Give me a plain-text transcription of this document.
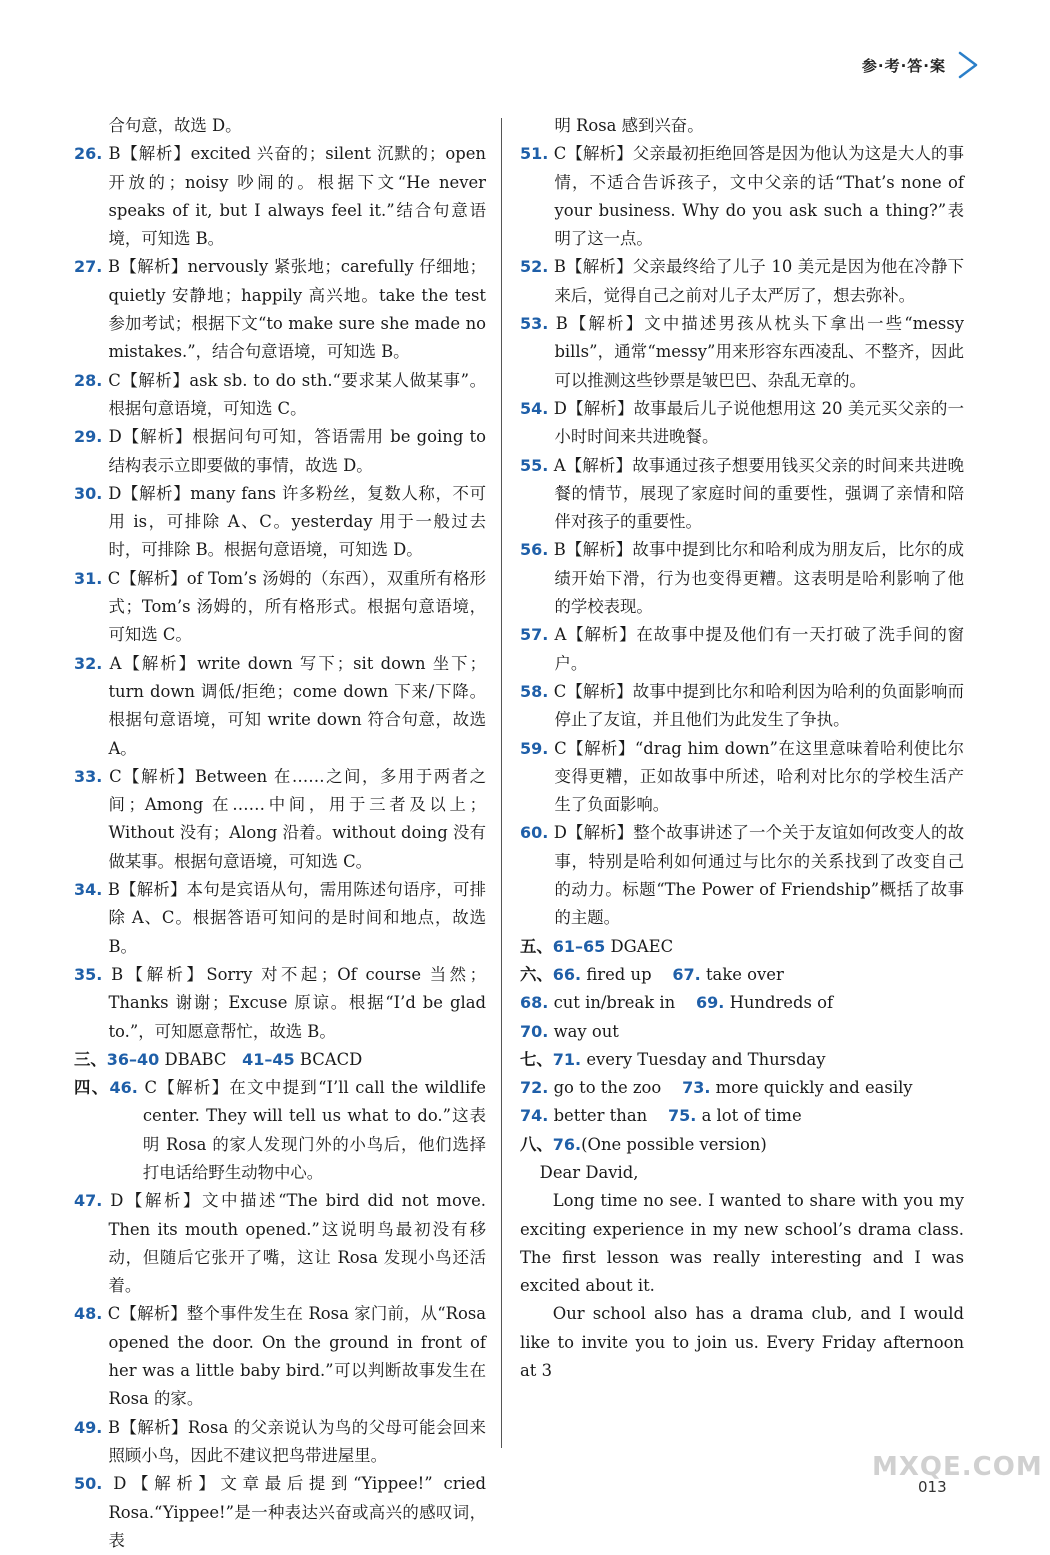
参·考·答·案
合句意，故选 D。
26. B【解析】excited 兴奋的；silent 沉默的；open 开放的；noisy 吵闹的。根据下文“He never speaks of it, but I always feel it.”结合句意语境，可知选 B。
27. B【解析】nervously 紧张地；carefully 仔细地；quietly 安静地；happily 高兴地。take the test 参加考试；根据下文“to make sure she made no mistakes.”，结合句意语境，可知选 B。
28. C【解析】ask sb. to do sth.“要求某人做某事”。根据句意语境，可知选 C。
29. D【解析】根据问句可知，答语需用 be going to 结构表示立即要做的事情，故选 D。
30. D【解析】many fans 许多粉丝，复数人称，不可用 is，可排除 A、C。yesterday 用于一般过去时，可排除 B。根据句意语境，可知选 D。
31. C【解析】of Tom’s 汤姆的（东西），双重所有格形式；Tom’s 汤姆的，所有格形式。根据句意语境，可知选 C。
32. A【解析】write down 写下；sit down 坐下；turn down 调低/拒绝；come down 下来/下降。根据句意语境，可知 write down 符合句意，故选 A。
33. C【解析】Between 在……之间，多用于两者之间；Among 在……中间，用于三者及以上；Without 没有；Along 沿着。without doing 没有做某事。根据句意语境，可知选 C。
34. B【解析】本句是宾语从句，需用陈述句语序，可排除 A、C。根据答语可知问的是时间和地点，故选 B。
35. B【解析】Sorry 对不起；Of course 当然；Thanks 谢谢；Excuse 原谅。根据“I’d be glad to.”，可知愿意帮忙，故选 B。
三、36–40 DBABC 41–45 BCACD
四、46. C【解析】在文中提到“I’ll call the wildlife center. They will tell us what to do.”这表明 Rosa 的家人发现门外的小鸟后，他们选择打电话给野生动物中心。
47. D【解析】文中描述“The bird did not move. Then its mouth opened.”这说明鸟最初没有移动，但随后它张开了嘴，这让 Rosa 发现小鸟还活着。
48. C【解析】整个事件发生在 Rosa 家门前，从“Rosa opened the door. On the ground in front of her was a little baby bird.”可以判断故事发生在 Rosa 的家。
49. B【解析】Rosa 的父亲说认为鸟的父母可能会回来照顾小鸟，因此不建议把鸟带进屋里。
50. D【解析】文章最后提到“Yippee!” cried Rosa.“Yippee!”是一种表达兴奋或高兴的感叹词，表
明 Rosa 感到兴奋。
51. C【解析】父亲最初拒绝回答是因为他认为这是大人的事情，不适合告诉孩子，文中父亲的话“That’s none of your business. Why do you ask such a thing?”表明了这一点。
52. B【解析】父亲最终给了儿子 10 美元是因为他在冷静下来后，觉得自己之前对儿子太严厉了，想去弥补。
53. B【解析】文中描述男孩从枕头下拿出一些“messy bills”，通常“messy”用来形容东西凌乱、不整齐，因此可以推测这些钞票是皱巴巴、杂乱无章的。
54. D【解析】故事最后儿子说他想用这 20 美元买父亲的一小时时间来共进晚餐。
55. A【解析】故事通过孩子想要用钱买父亲的时间来共进晚餐的情节，展现了家庭时间的重要性，强调了亲情和陪伴对孩子的重要性。
56. B【解析】故事中提到比尔和哈利成为朋友后，比尔的成绩开始下滑，行为也变得更糟。这表明是哈利影响了他的学校表现。
57. A【解析】在故事中提及他们有一天打破了洗手间的窗户。
58. C【解析】故事中提到比尔和哈利因为哈利的负面影响而停止了友谊，并且他们为此发生了争执。
59. C【解析】“drag him down”在这里意味着哈利使比尔变得更糟，正如故事中所述，哈利对比尔的学校生活产生了负面影响。
60. D【解析】整个故事讲述了一个关于友谊如何改变人的故事，特别是哈利如何通过与比尔的关系找到了改变自己的动力。标题“The Power of Friendship”概括了故事的主题。
五、61–65 DGAEC
六、66. fired up 67. take over
68. cut in/break in 69. Hundreds of
70. way out
七、71. every Tuesday and Thursday
72. go to the zoo 73. more quickly and easily
74. better than 75. a lot of time
八、76.(One possible version)
Dear David,
Long time no see. I wanted to share with you my exciting experience in my new school’s drama class. The first lesson was really interesting and I was excited about it.
Our school also has a drama club, and I would like to invite you to join us. Every Friday afternoon at 3
MXQE.COM
013
